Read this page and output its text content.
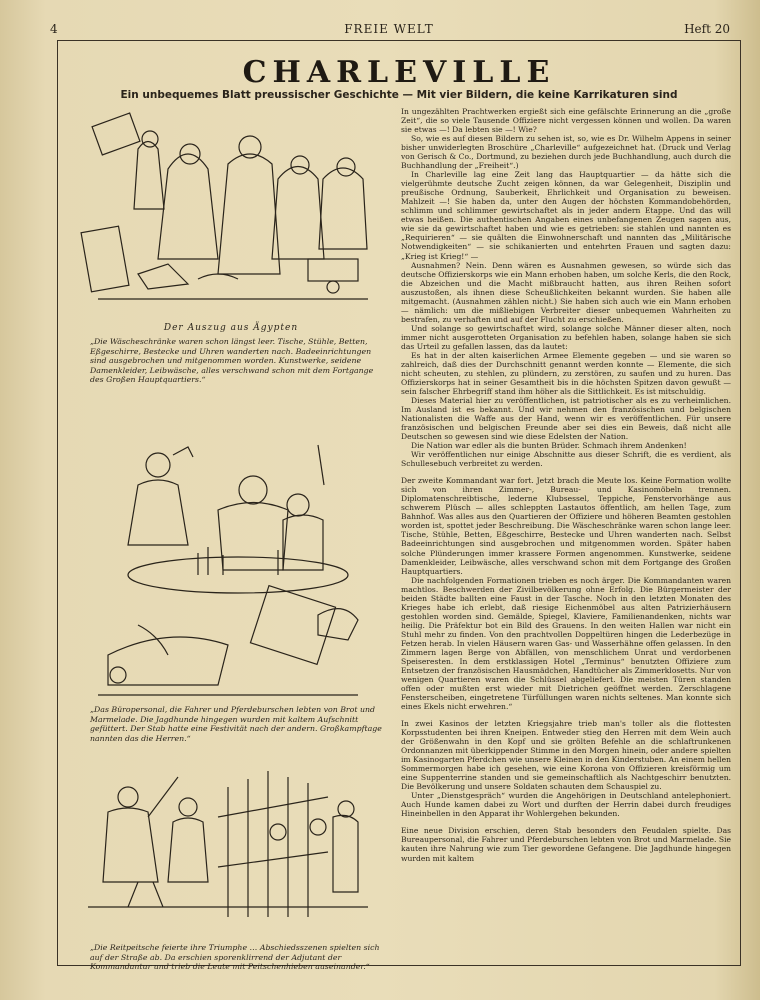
4	FREIE WELT	Heft 20
CHARLEVILLE
Ein unbequemes Blatt preussischer Geschichte — Mit vier Bildern, die keine Karrikaturen sind
Der Auszug aus Ägypten
„Die Wäscheschränke waren schon längst leer. Tische, Stühle, Betten, Eßgeschirre, Bestecke und Uhren wanderten nach. Badeeinrichtungen sind ausgebrochen und mitgenommen worden. Kunstwerke, seidene Damenkleider, Leibwäsche, alles verschwand schon mit dem Fortgange des Großen Hauptquartiers.“
„Das Büropersonal, die Fahrer und Pferdeburschen lebten von Brot und Marmelade. Die Jagdhunde hingegen wurden mit kaltem Aufschnitt gefüttert. Der Stab hatte eine Festivität nach der andern. Großkampftage nannten das die Herren.“
„Die Reitpeitsche feierte ihre Triumphe … Abschiedsszenen spielten sich auf der Straße ab. Da erschien sporenklirrend der Adjutant der Kommandantur und trieb die Leute mit Peitschenhieben auseinander.“

In ungezählten Prachtwerken ergießt sich eine gefälschte Erinnerung an die „große Zeit“, die so viele Tausende Offiziere nicht vergessen können und wollen. Da waren sie etwas —! Da lebten sie —! Wie?

So, wie es auf diesen Bildern zu sehen ist, so, wie es Dr. Wilhelm Appens in seiner bisher unwiderlegten Broschüre „Charleville“ aufgezeichnet hat. (Druck und Verlag von Gerisch & Co., Dortmund, zu beziehen durch jede Buchhandlung, auch durch die Buchhandlung der „Freiheit“.)

In Charleville lag eine Zeit lang das Hauptquartier — da hätte sich die vielgerühmte deutsche Zucht zeigen können, da war Gelegenheit, Disziplin und preußische Ordnung, Sauberkeit, Ehrlichkeit und Organisation zu beweisen. Mahlzeit —! Sie haben da, unter den Augen der höchsten Kommandobehörden, schlimm und schlimmer gewirtschaftet als in jeder andern Etappe. Und das will etwas heißen. Die authentischen Angaben eines unbefangenen Zeugen sagen aus, wie sie da gewirtschaftet haben und wie es getrieben: sie stahlen und nannten es „Requirieren“ — sie quälten die Einwohnerschaft und nannten das „Militärische Notwendigkeiten“ — sie schikanierten und entehrten Frauen und sagten dazu: „Krieg ist Krieg!“ —

Ausnahmen? Nein. Denn wären es Ausnahmen gewesen, so würde sich das deutsche Offizierskorps wie ein Mann erhoben haben, um solche Kerls, die den Rock, die Abzeichen und die Macht mißbraucht hatten, aus ihren Reihen sofort auszustoßen, als ihnen diese Scheußlichkeiten bekannt wurden. Sie haben alle mitgemacht. (Ausnahmen zählen nicht.) Sie haben sich auch wie ein Mann erhoben — nämlich: um die mißliebigen Verbreiter dieser unbequemen Wahrheiten zu bestrafen, zu verhaften und auf der Flucht zu erschießen.

Und solange so gewirtschaftet wird, solange solche Männer dieser alten, noch immer nicht ausgerotteten Organisation zu befehlen haben, solange haben sie sich das Urteil zu gefallen lassen, das da lautet:

Es hat in der alten kaiserlichen Armee Elemente gegeben — und sie waren so zahlreich, daß dies der Durchschnitt genannt werden konnte — Elemente, die sich nicht scheuten, zu stehlen, zu plündern, zu zerstören, zu saufen und zu huren. Das Offizierskorps hat in seiner Gesamtheit bis in die höchsten Spitzen davon gewußt — sein falscher Ehrbegriff stand ihm höher als die Sittlichkeit. Es ist mitschuldig.

Dieses Material hier zu veröffentlichen, ist patriotischer als es zu verheimlichen. Im Ausland ist es bekannt. Und wir nehmen den französischen und belgischen Nationalisten die Waffe aus der Hand, wenn wir es veröffentlichen. Für unsere französischen und belgischen Freunde aber sei dies ein Beweis, daß nicht alle Deutschen so gewesen sind wie diese Edelsten der Nation.

Die Nation war edler als die bunten Brüder. Schmach ihrem Andenken!

Wir veröffentlichen nur einige Abschnitte aus dieser Schrift, die es verdient, als Schullesebuch verbreitet zu werden.

Der zweite Kommandant war fort. Jetzt brach die Meute los. Keine Formation wollte sich von ihren Zimmer-, Bureau- und Kasinomöbeln trennen. Diplomatenschreibtische, lederne Klubsessel, Teppiche, Fenstervorhänge aus schwerem Plüsch — alles schleppten Lastautos öffentlich, am hellen Tage, zum Bahnhof. Was alles aus den Quartieren der Offiziere und höheren Beamten gestohlen worden ist, spottet jeder Beschreibung. Die Wäscheschränke waren schon lange leer. Tische, Stühle, Betten, Eßgeschirre, Bestecke und Uhren wanderten nach. Selbst Badeeinrichtungen sind ausgebrochen und mitgenommen worden. Später haben solche Plünderungen immer krassere Formen angenommen. Kunstwerke, seidene Damenkleider, Leibwäsche, alles verschwand schon mit dem Fortgange des Großen Hauptquartiers.

Die nachfolgenden Formationen trieben es noch ärger. Die Kommandanten waren machtlos. Beschwerden der Zivilbevölkerung ohne Erfolg. Die Bürgermeister der beiden Städte ballten eine Faust in der Tasche. Noch in den letzten Monaten des Krieges habe ich erlebt, daß riesige Eichenmöbel aus alten Patrizierhäusern gestohlen worden sind. Gemälde, Spiegel, Klaviere, Familienandenken, nichts war heilig. Die Präfektur bot ein Bild des Grauens. In den weiten Hallen war nicht ein Stuhl mehr zu finden. Von den prachtvollen Doppeltüren hingen die Lederbezüge in Fetzen herab. In vielen Häusern waren Gas- und Wasserhähne offen gelassen. In den Zimmern lagen Berge von Abfällen, von menschlichem Unrat und verdorbenen Speiseresten. In dem erstklassigen Hotel „Terminus“ benutzten Offiziere zum Entsetzen der französischen Hausmädchen, Handtücher als Zimmerklosetts. Nur von wenigen Quartieren waren die Schlüssel abgeliefert. Die meisten Türen standen offen oder mußten erst wieder mit Dietrichen geöffnet werden. Zerschlagene Fensterscheiben, eingetretene Türfüllungen waren nichts seltenes. Man konnte sich eines Ekels nicht erwehren.“

In zwei Kasinos der letzten Kriegsjahre trieb man's toller als die flottesten Korpsstudenten bei ihren Kneipen. Entweder stieg den Herren mit dem Wein auch der Größenwahn in den Kopf und sie grölten Befehle an die schlaftrunkenen Ordonnanzen mit überkippender Stimme in den Morgen hinein, oder andere spielten im Kasinogarten Pferdchen wie unsere Kleinen in den Kinderstuben. An einem hellen Sommermorgen habe ich gesehen, wie eine Korona von Offizieren kreisförmig um eine Suppenterrine standen und sie gemeinschaftlich als Nachtgeschirr benutzten. Die Bevölkerung und unsere Soldaten schauten dem Schauspiel zu.

Unter „Dienstgespräch“ wurden die Angehörigen in Deutschland antelephoniert. Auch Hunde kamen dabei zu Wort und durften der Herrin dabei durch freudiges Hineinbellen in den Apparat ihr Wohlergehen bekunden.

Eine neue Division erschien, deren Stab besonders den Feudalen spielte. Das Bureaupersonal, die Fahrer und Pferdeburschen lebten von Brot und Marmelade. Sie kauten ihre Nahrung wie zum Tier gewordene Gefangene. Die Jagdhunde hingegen wurden mit kaltem
